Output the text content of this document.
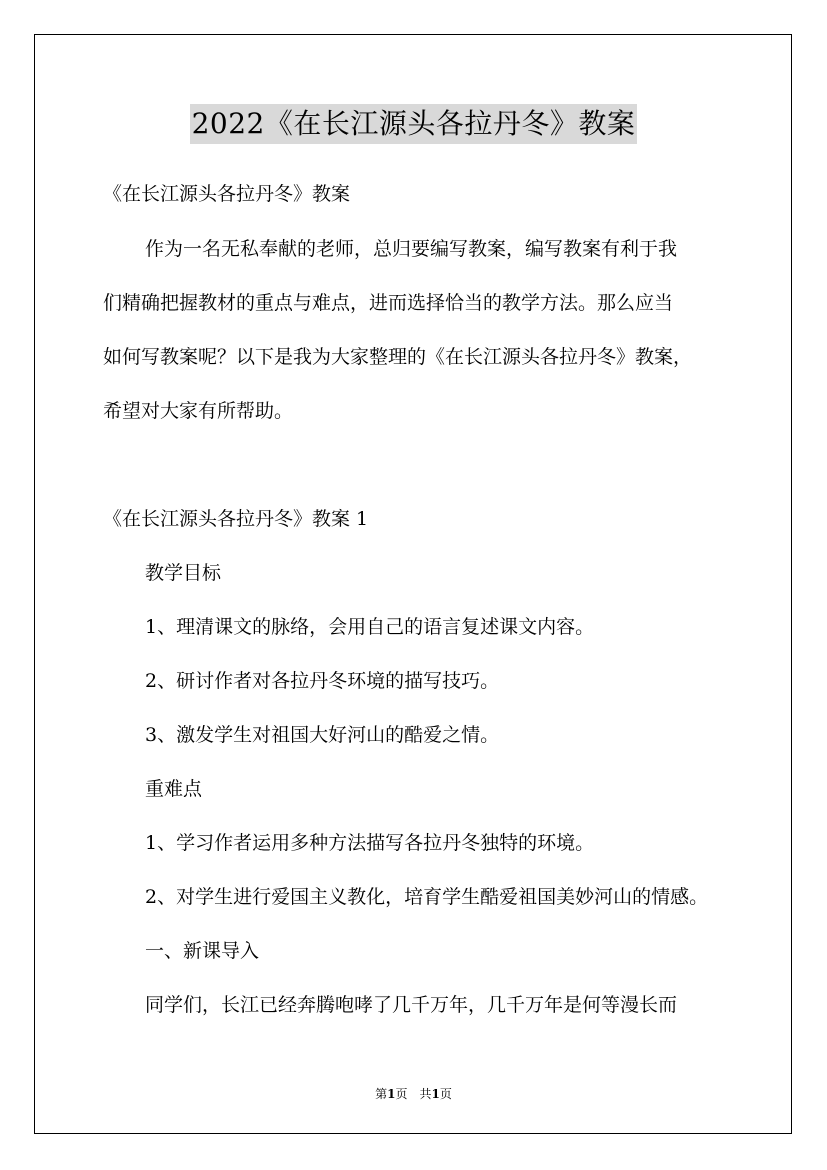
2022《在长江源头各拉丹冬》教案
《在长江源头各拉丹冬》教案
作为一名无私奉献的老师，总归要编写教案，编写教案有利于我
们精确把握教材的重点与难点，进而选择恰当的教学方法。那么应当
如何写教案呢？以下是我为大家整理的《在长江源头各拉丹冬》教案，
希望对大家有所帮助。
《在长江源头各拉丹冬》教案 1
教学目标
1、理清课文的脉络，会用自己的语言复述课文内容。
2、研讨作者对各拉丹冬环境的描写技巧。
3、激发学生对祖国大好河山的酷爱之情。
重难点
1、学习作者运用多种方法描写各拉丹冬独特的环境。
2、对学生进行爱国主义教化，培育学生酷爱祖国美妙河山的情感。
一、新课导入
同学们，长江已经奔腾咆哮了几千万年，几千万年是何等漫长而
第1页　共1页
